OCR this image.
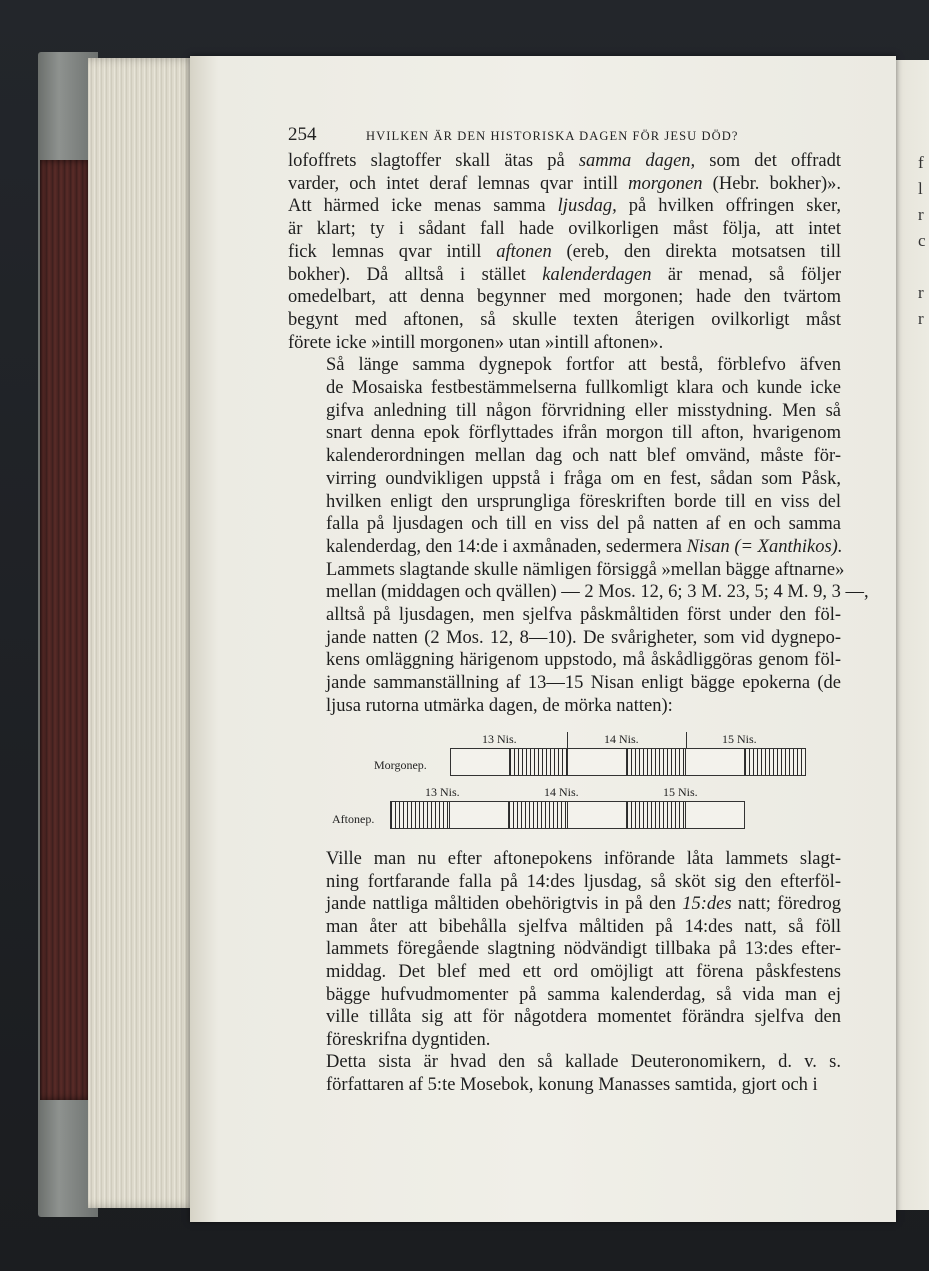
f
l
r
c

r
r
254	HVILKEN ÄR DEN HISTORISKA DAGEN FÖR JESU DÖD?

lofoffrets slagtoffer skall ätas på samma dagen, som det offradt
varder, och intet deraf lemnas qvar intill morgonen (Hebr. bokher)».
Att härmed icke menas samma ljusdag, på hvilken offringen sker,
är klart; ty i sådant fall hade ovilkorligen måst följa, att intet
fick lemnas qvar intill aftonen (ereb, den direkta motsatsen till
bokher). Då alltså i stället kalenderdagen är menad, så följer
omedelbart, att denna begynner med morgonen; hade den tvärtom
begynt med aftonen, så skulle texten återigen ovilkorligt måst
förete icke »intill morgonen» utan »intill aftonen».

Så länge samma dygnepok fortfor att bestå, förblefvo äfven
de Mosaiska festbestämmelserna fullkomligt klara och kunde icke
gifva anledning till någon förvridning eller misstydning. Men så
snart denna epok förflyttades ifrån morgon till afton, hvarigenom
kalenderordningen mellan dag och natt blef omvänd, måste för-
virring oundvikligen uppstå i fråga om en fest, sådan som Påsk,
hvilken enligt den ursprungliga föreskriften borde till en viss del
falla på ljusdagen och till en viss del på natten af en och samma
kalenderdag, den 14:de i axmånaden, sedermera Nisan (= Xanthikos).
Lammets slagtande skulle nämligen försiggå »mellan bägge aftnarne»
mellan (middagen och qvällen) — 2 Mos. 12, 6; 3 M. 23, 5; 4 M. 9, 3 —,
alltså på ljusdagen, men sjelfva påskmåltiden först under den föl-
jande natten (2 Mos. 12, 8—10). De svårigheter, som vid dygnepo-
kens omläggning härigenom uppstodo, må åskådliggöras genom föl-
jande sammanställning af 13—15 Nisan enligt bägge epokerna (de
ljusa rutorna utmärka dagen, de mörka natten):

Morgonep.
Aftonep.
13 Nis.	14 Nis.	15 Nis.
13 Nis.	14 Nis.	15 Nis.

Ville man nu efter aftonepokens införande låta lammets slagt-
ning fortfarande falla på 14:des ljusdag, så sköt sig den efterföl-
jande nattliga måltiden obehörigtvis in på den 15:des natt; föredrog
man åter att bibehålla sjelfva måltiden på 14:des natt, så föll
lammets föregående slagtning nödvändigt tillbaka på 13:des efter-
middag. Det blef med ett ord omöjligt att förena påskfestens
bägge hufvudmomenter på samma kalenderdag, så vida man ej
ville tillåta sig att för någotdera momentet förändra sjelfva den
föreskrifna dygntiden.

Detta sista är hvad den så kallade Deuteronomikern, d. v. s.
författaren af 5:te Mosebok, konung Manasses samtida, gjort och i
